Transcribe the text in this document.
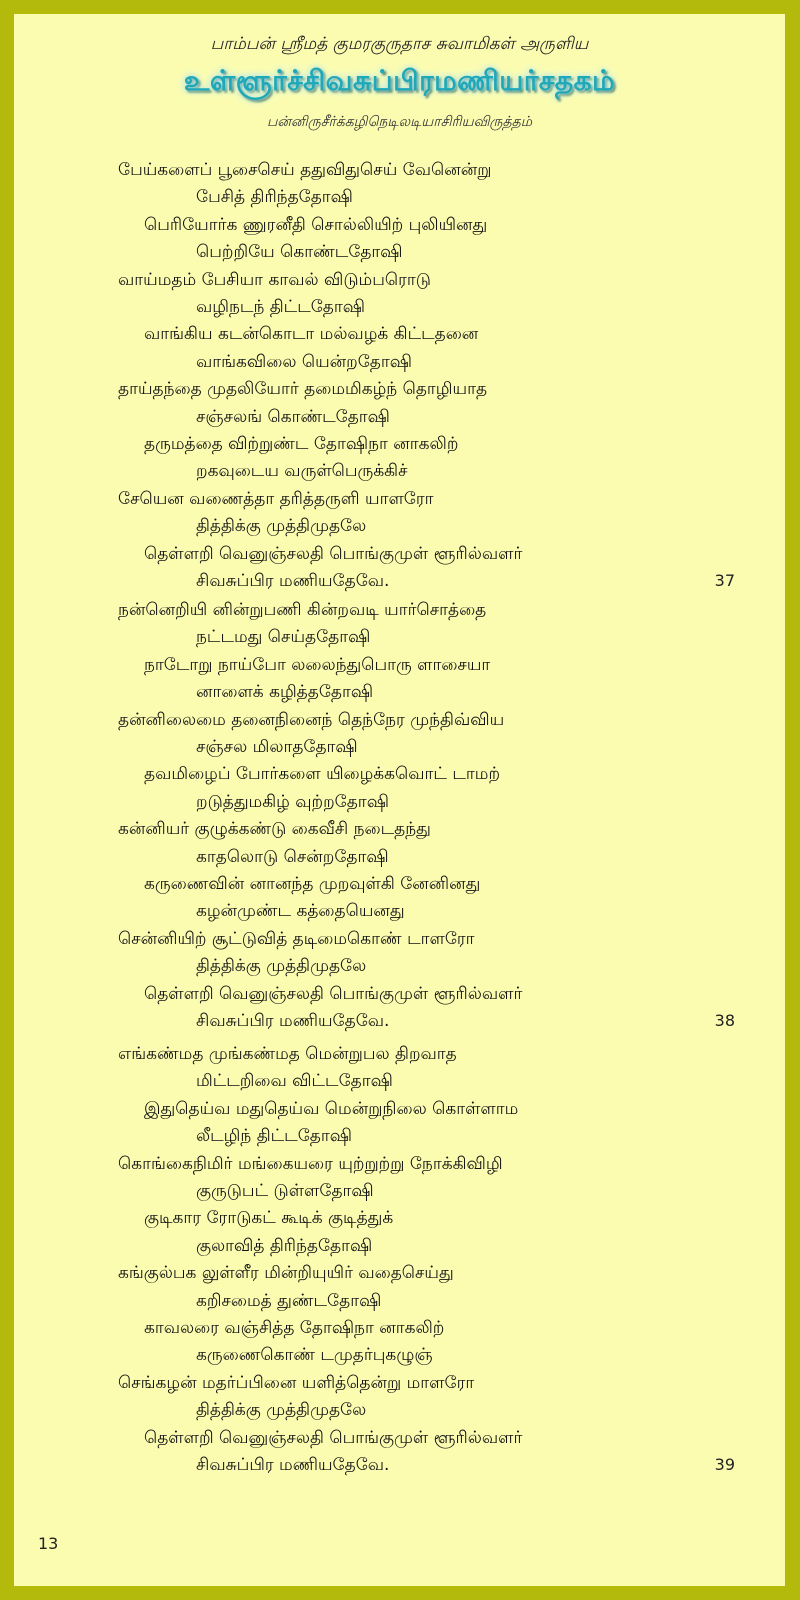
பாம்பன் ஸ்ரீமத் குமரகுருதாச சுவாமிகள் அருளிய
உள்ளூர்ச்சிவசுப்பிரமணியர்சதகம்
பன்னிருசீர்க்கழிநெடிலடியாசிரியவிருத்தம்
பேய்களைப் பூசைசெய் ததுவிதுசெய் வேனென்று
பேசித் திரிந்ததோஷி
பெரியோர்க ணுரனீதி சொல்லியிற் புலியினது
பெற்றியே கொண்டதோஷி
வாய்மதம் பேசியா காவல் விடும்பரொடு
வழிநடந் திட்டதோஷி
வாங்கிய கடன்கொடா மல்வழக் கிட்டதனை
வாங்கவிலை யென்றதோஷி
தாய்தந்தை முதலியோர் தமைமிகழ்ந் தொழியாத
சஞ்சலங் கொண்டதோஷி
தருமத்தை விற்றுண்ட தோஷிநா னாகலிற்
றகவுடைய வருள்பெருக்கிச்
சேயென வணைத்தா தரித்தருளி யாளரோ
தித்திக்கு முத்திமுதலே
தெள்ளறி வெனுஞ்சலதி பொங்குமுள் ளூரில்வளர்
சிவசுப்பிர மணியதேவே.	37
நன்னெறியி னின்றுபணி கின்றவடி யார்சொத்தை
நட்டமது செய்ததோஷி
நாடோறு நாய்போ லலைந்துபொரு ளாசையா
னாளைக் கழித்ததோஷி
தன்னிலைமை தனைநினைந் தெந்நேர முந்திவ்விய
சஞ்சல மிலாததோஷி
தவமிழைப் போர்களை யிழைக்கவொட் டாமற்
றடுத்துமகிழ் வுற்றதோஷி
கன்னியர் குழுக்கண்டு கைவீசி நடைதந்து
காதலொடு சென்றதோஷி
கருணைவின் னானந்த முறவுள்கி னேனினது
கழன்முண்ட கத்தையெனது
சென்னியிற் சூட்டுவித் தடிமைகொண் டாளரோ
தித்திக்கு முத்திமுதலே
தெள்ளறி வெனுஞ்சலதி பொங்குமுள் ளூரில்வளர்
சிவசுப்பிர மணியதேவே.	38
எங்கண்மத முங்கண்மத மென்றுபல திறவாத
மிட்டறிவை விட்டதோஷி
இதுதெய்வ மதுதெய்வ மென்றுநிலை கொள்ளாம
லீடழிந் திட்டதோஷி
கொங்கைநிமிர் மங்கையரை யுற்றுற்று நோக்கிவிழி
குருடுபட் டுள்ளதோஷி
குடிகார ரோடுகட் கூடிக் குடித்துக்
குலாவித் திரிந்ததோஷி
கங்குல்பக லுள்ளீர மின்றியுயிர் வதைசெய்து
கறிசமைத் துண்டதோஷி
காவலரை வஞ்சித்த தோஷிநா னாகலிற்
கருணைகொண் டமுதர்புகழுஞ்
செங்கழன் மதர்ப்பினை யளித்தென்று மாளரோ
தித்திக்கு முத்திமுதலே
தெள்ளறி வெனுஞ்சலதி பொங்குமுள் ளூரில்வளர்
சிவசுப்பிர மணியதேவே.	39
13
